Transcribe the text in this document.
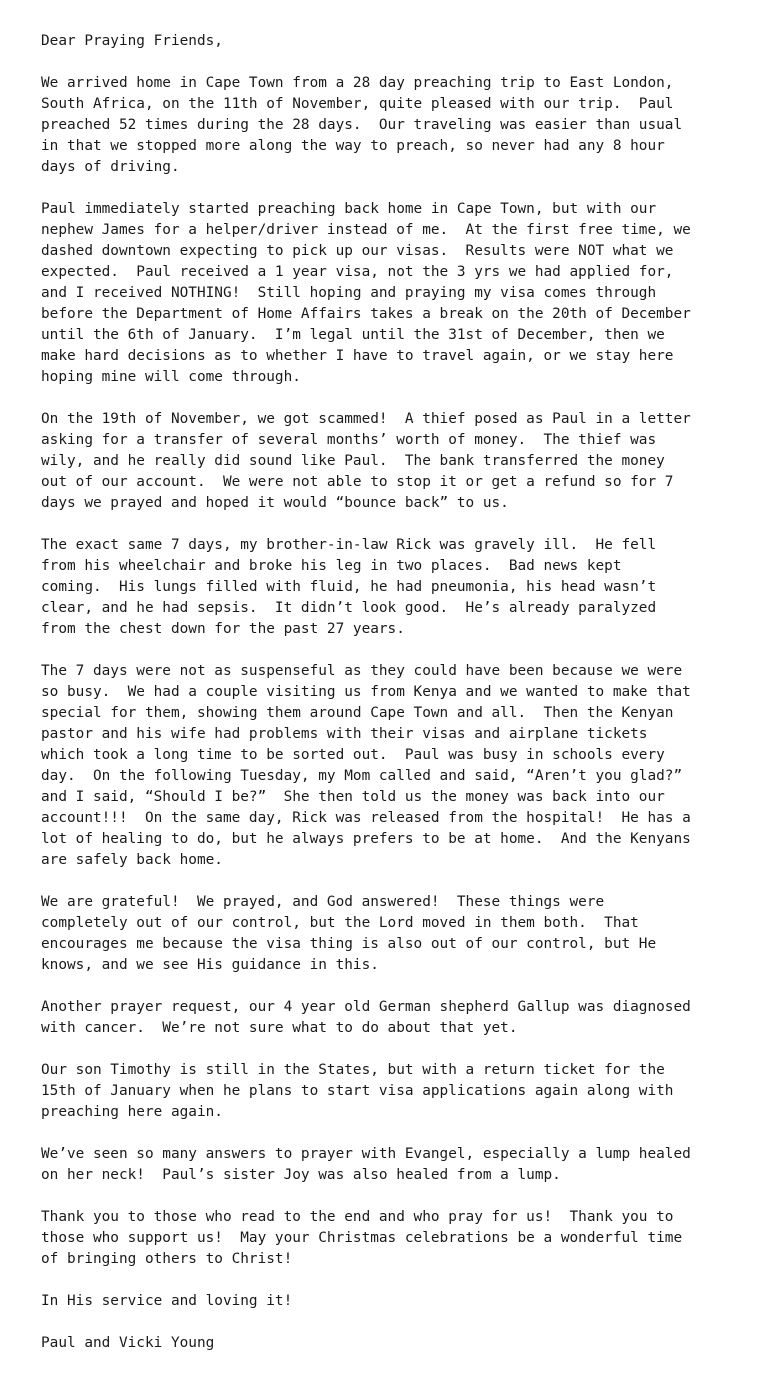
Dear Praying Friends,

We arrived home in Cape Town from a 28 day preaching trip to East London,
South Africa, on the 11th of November, quite pleased with our trip.  Paul
preached 52 times during the 28 days.  Our traveling was easier than usual
in that we stopped more along the way to preach, so never had any 8 hour
days of driving.

Paul immediately started preaching back home in Cape Town, but with our
nephew James for a helper/driver instead of me.  At the first free time, we
dashed downtown expecting to pick up our visas.  Results were NOT what we
expected.  Paul received a 1 year visa, not the 3 yrs we had applied for,
and I received NOTHING!  Still hoping and praying my visa comes through
before the Department of Home Affairs takes a break on the 20th of December
until the 6th of January.  I’m legal until the 31st of December, then we
make hard decisions as to whether I have to travel again, or we stay here
hoping mine will come through.

On the 19th of November, we got scammed!  A thief posed as Paul in a letter
asking for a transfer of several months’ worth of money.  The thief was
wily, and he really did sound like Paul.  The bank transferred the money
out of our account.  We were not able to stop it or get a refund so for 7
days we prayed and hoped it would “bounce back” to us.

The exact same 7 days, my brother-in-law Rick was gravely ill.  He fell
from his wheelchair and broke his leg in two places.  Bad news kept
coming.  His lungs filled with fluid, he had pneumonia, his head wasn’t
clear, and he had sepsis.  It didn’t look good.  He’s already paralyzed
from the chest down for the past 27 years.

The 7 days were not as suspenseful as they could have been because we were
so busy.  We had a couple visiting us from Kenya and we wanted to make that
special for them, showing them around Cape Town and all.  Then the Kenyan
pastor and his wife had problems with their visas and airplane tickets
which took a long time to be sorted out.  Paul was busy in schools every
day.  On the following Tuesday, my Mom called and said, “Aren’t you glad?”
and I said, “Should I be?”  She then told us the money was back into our
account!!!  On the same day, Rick was released from the hospital!  He has a
lot of healing to do, but he always prefers to be at home.  And the Kenyans
are safely back home.

We are grateful!  We prayed, and God answered!  These things were
completely out of our control, but the Lord moved in them both.  That
encourages me because the visa thing is also out of our control, but He
knows, and we see His guidance in this.

Another prayer request, our 4 year old German shepherd Gallup was diagnosed
with cancer.  We’re not sure what to do about that yet.

Our son Timothy is still in the States, but with a return ticket for the
15th of January when he plans to start visa applications again along with
preaching here again.

We’ve seen so many answers to prayer with Evangel, especially a lump healed
on her neck!  Paul’s sister Joy was also healed from a lump.

Thank you to those who read to the end and who pray for us!  Thank you to
those who support us!  May your Christmas celebrations be a wonderful time
of bringing others to Christ!

In His service and loving it!

Paul and Vicki Young
